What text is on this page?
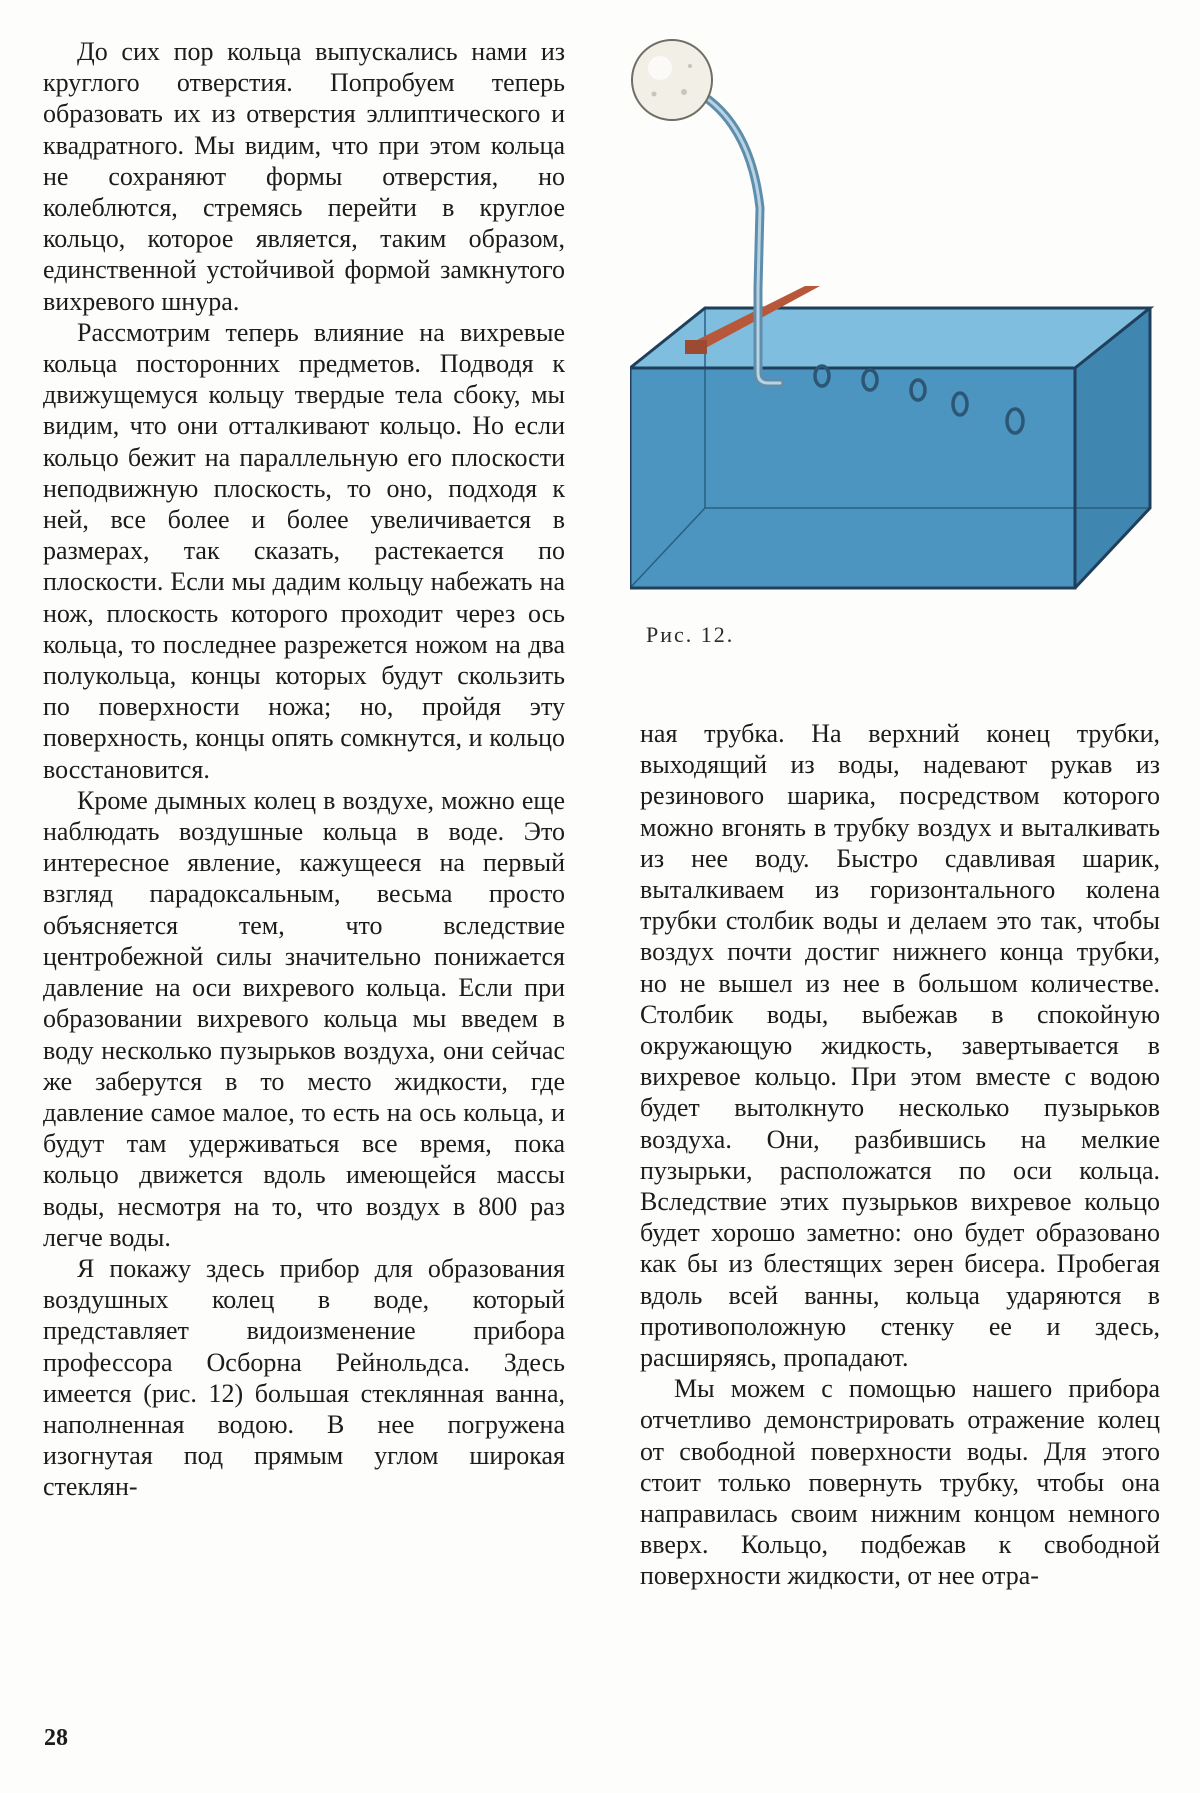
До сих пор кольца выпускались нами из круглого отверстия. Попробуем теперь образовать их из отверстия эллиптического и квадратного. Мы видим, что при этом кольца не сохраняют формы отверстия, но колеблются, стремясь перейти в круглое кольцо, которое является, таким образом, единственной устойчивой формой замкнутого вихревого шнура.

Рассмотрим теперь влияние на вихревые кольца посторонних предметов. Подводя к движущемуся кольцу твердые тела сбоку, мы видим, что они отталкивают кольцо. Но если кольцо бежит на параллельную его плоскости неподвижную плоскость, то оно, подходя к ней, все более и более увеличивается в размерах, так сказать, растекается по плоскости. Если мы дадим кольцу набежать на нож, плоскость которого проходит через ось кольца, то последнее разрежется ножом на два полукольца, концы которых будут скользить по поверхности ножа; но, пройдя эту поверхность, концы опять сомкнутся, и кольцо восстановится.

Кроме дымных колец в воздухе, можно еще наблюдать воздушные кольца в воде. Это интересное явление, кажущееся на первый взгляд парадоксальным, весьма просто объясняется тем, что вследствие центробежной силы значительно понижается давление на оси вихревого кольца. Если при образовании вихревого кольца мы введем в воду несколько пузырьков воздуха, они сейчас же заберутся в то место жидкости, где давление самое малое, то есть на ось кольца, и будут там удерживаться все время, пока кольцо движется вдоль имеющейся массы воды, несмотря на то, что воздух в 800 раз легче воды.

Я покажу здесь прибор для образования воздушных колец в воде, который представляет видоизменение прибора профессора Осборна Рейнольдса. Здесь имеется (рис. 12) большая стеклянная ванна, наполненная водою. В нее погружена изогнутая под прямым углом широкая стеклян-

Рис. 12.

ная трубка. На верхний конец трубки, выходящий из воды, надевают рукав из резинового шарика, посредством которого можно вгонять в трубку воздух и выталкивать из нее воду. Быстро сдавливая шарик, выталкиваем из горизонтального колена трубки столбик воды и делаем это так, чтобы воздух почти достиг нижнего конца трубки, но не вышел из нее в большом количестве. Столбик воды, выбежав в спокойную окружающую жидкость, завертывается в вихревое кольцо. При этом вместе с водою будет вытолкнуто несколько пузырьков воздуха. Они, разбившись на мелкие пузырьки, расположатся по оси кольца. Вследствие этих пузырьков вихревое кольцо будет хорошо заметно: оно будет образовано как бы из блестящих зерен бисера. Пробегая вдоль всей ванны, кольца ударяются в противоположную стенку ее и здесь, расширяясь, пропадают.

Мы можем с помощью нашего прибора отчетливо демонстрировать отражение колец от свободной поверхности воды. Для этого стоит только повернуть трубку, чтобы она направилась своим нижним концом немного вверх. Кольцо, подбежав к свободной поверхности жидкости, от нее отра-

28
